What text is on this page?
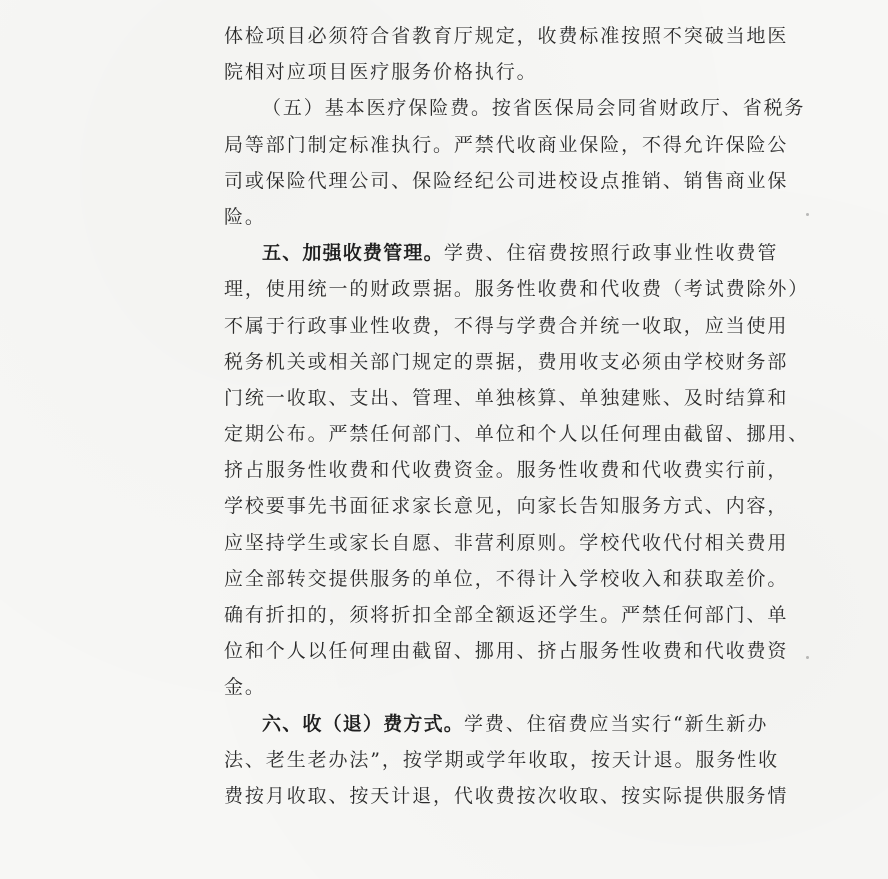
体检项目必须符合省教育厅规定，收费标准按照不突破当地医
院相对应项目医疗服务价格执行。
（五）基本医疗保险费。按省医保局会同省财政厅、省税务
局等部门制定标准执行。严禁代收商业保险，不得允许保险公
司或保险代理公司、保险经纪公司进校设点推销、销售商业保
险。
五、加强收费管理。学费、住宿费按照行政事业性收费管
理，使用统一的财政票据。服务性收费和代收费（考试费除外）
不属于行政事业性收费，不得与学费合并统一收取，应当使用
税务机关或相关部门规定的票据，费用收支必须由学校财务部
门统一收取、支出、管理、单独核算、单独建账、及时结算和
定期公布。严禁任何部门、单位和个人以任何理由截留、挪用、
挤占服务性收费和代收费资金。服务性收费和代收费实行前，
学校要事先书面征求家长意见，向家长告知服务方式、内容，
应坚持学生或家长自愿、非营利原则。学校代收代付相关费用
应全部转交提供服务的单位，不得计入学校收入和获取差价。
确有折扣的，须将折扣全部全额返还学生。严禁任何部门、单
位和个人以任何理由截留、挪用、挤占服务性收费和代收费资
金。
六、收（退）费方式。学费、住宿费应当实行“新生新办
法、老生老办法”，按学期或学年收取，按天计退。服务性收
费按月收取、按天计退，代收费按次收取、按实际提供服务情
